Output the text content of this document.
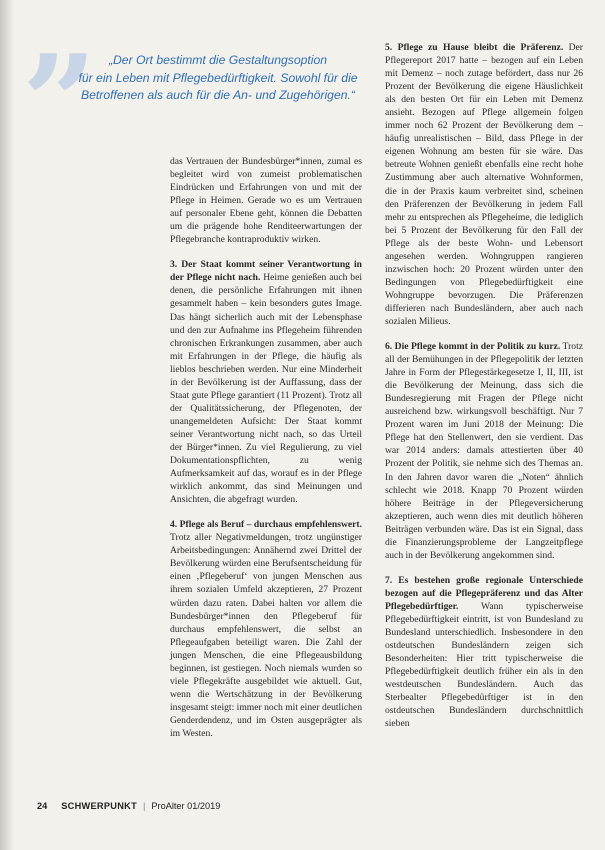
” „Der Ort bestimmt die Gestaltungsoption
für ein Leben mit Pflegebedürftigkeit. Sowohl für die
Betroffenen als auch für die An- und Zugehörigen.“

das Vertrauen der Bundesbürger*innen, zumal es begleitet wird von zumeist problematischen Eindrücken und Erfahrungen von und mit der Pflege in Heimen. Gerade wo es um Vertrauen auf personaler Ebene geht, können die Debatten um die prägende hohe Renditeerwartungen der Pflegebranche kontraproduktiv wirken.

3. Der Staat kommt seiner Verantwortung in der Pflege nicht nach. Heime genießen auch bei denen, die persönliche Erfahrungen mit ihnen gesammelt haben – kein besonders gutes Image. Das hängt sicherlich auch mit der Lebensphase und den zur Aufnahme ins Pflegeheim führenden chronischen Erkrankungen zusammen, aber auch mit Erfahrungen in der Pflege, die häufig als lieblos beschrieben werden. Nur eine Minderheit in der Bevölkerung ist der Auffassung, dass der Staat gute Pflege garantiert (11 Prozent). Trotz all der Qualitätssicherung, der Pflegenoten, der unangemeldeten Aufsicht: Der Staat kommt seiner Verantwortung nicht nach, so das Urteil der Bürger*innen. Zu viel Regulierung, zu viel Dokumentationspflichten, zu wenig Aufmerksamkeit auf das, worauf es in der Pflege wirklich ankommt, das sind Meinungen und Ansichten, die abgefragt wurden.

4. Pflege als Beruf – durchaus empfehlenswert. Trotz aller Negativmeldungen, trotz ungünstiger Arbeitsbedingungen: Annähernd zwei Drittel der Bevölkerung würden eine Berufsentscheidung für einen ‚Pflegeberuf‘ von jungen Menschen aus ihrem sozialen Umfeld akzeptieren, 27 Prozent würden dazu raten. Dabei halten vor allem die Bundesbürger*innen den Pflegeberuf für durchaus empfehlenswert, die selbst an Pflegeaufgaben beteiligt waren. Die Zahl der jungen Menschen, die eine Pflegeausbildung beginnen, ist gestiegen. Noch niemals wurden so viele Pflegekräfte ausgebildet wie aktuell. Gut, wenn die Wertschätzung in der Bevölkerung insgesamt steigt: immer noch mit einer deutlichen Genderdendenz, und im Osten ausgeprägter als im Westen.

5. Pflege zu Hause bleibt die Präferenz. Der Pflegereport 2017 hatte – bezogen auf ein Leben mit Demenz – noch zutage befördert, dass nur 26 Prozent der Bevölkerung die eigene Häuslichkeit als den besten Ort für ein Leben mit Demenz ansieht. Bezogen auf Pflege allgemein folgen immer noch 62 Prozent der Bevölkerung dem – häufig unrealistischen – Bild, dass Pflege in der eigenen Wohnung am besten für sie wäre. Das betreute Wohnen genießt ebenfalls eine recht hohe Zustimmung aber auch alternative Wohnformen, die in der Praxis kaum verbreitet sind, scheinen den Präferenzen der Bevölkerung in jedem Fall mehr zu entsprechen als Pflegeheime, die lediglich bei 5 Prozent der Bevölkerung für den Fall der Pflege als der beste Wohn- und Lebensort angesehen werden. Wohngruppen rangieren inzwischen hoch: 20 Prozent würden unter den Bedingungen von Pflegebedürftigkeit eine Wohngruppe bevorzugen. Die Präferenzen differieren nach Bundesländern, aber auch nach sozialen Milieus.

6. Die Pflege kommt in der Politik zu kurz. Trotz all der Bemühungen in der Pflegepolitik der letzten Jahre in Form der Pflegestärkegesetze I, II, III, ist die Bevölkerung der Meinung, dass sich die Bundesregierung mit Fragen der Pflege nicht ausreichend bzw. wirkungsvoll beschäftigt. Nur 7 Prozent waren im Juni 2018 der Meinung: Die Pflege hat den Stellenwert, den sie verdient. Das war 2014 anders: damals attestierten über 40 Prozent der Politik, sie nehme sich des Themas an. In den Jahren davor waren die „Noten“ ähnlich schlecht wie 2018. Knapp 70 Prozent würden höhere Beiträge in der Pflegeversicherung akzeptieren, auch wenn dies mit deutlich höheren Beiträgen verbunden wäre. Das ist ein Signal, dass die Finanzierungsprobleme der Langzeitpflege auch in der Bevölkerung angekommen sind.

7. Es bestehen große regionale Unterschiede bezogen auf die Pflegepräferenz und das Alter Pflegebedürftiger. Wann typischerweise Pflegebedürftigkeit eintritt, ist von Bundesland zu Bundesland unterschiedlich. Insbesondere in den ostdeutschen Bundesländern zeigen sich Besonderheiten: Hier tritt typischerweise die Pflegebedürftigkeit deutlich früher ein als in den westdeutschen Bundesländern. Auch das Sterbealter Pflegebedürftiger ist in den ostdeutschen Bundesländern durchschnittlich sieben

24 SCHWERPUNKT | ProAlter 01/2019
